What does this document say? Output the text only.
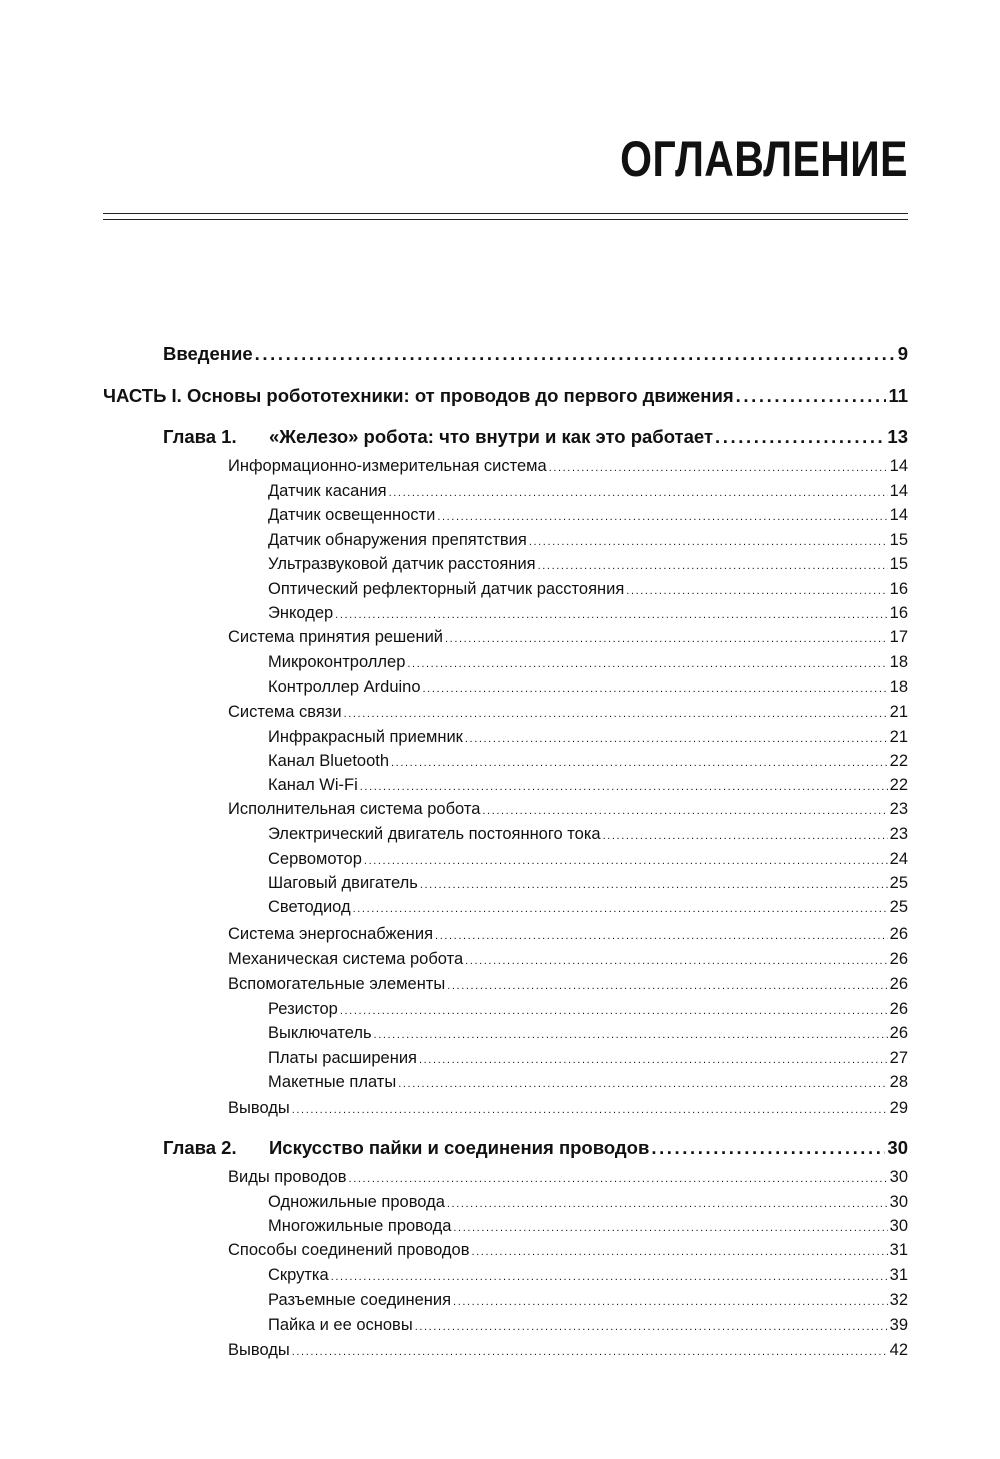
ОГЛАВЛЕНИЕ
Введение .....	9
ЧАСТЬ I. Основы робототехники: от проводов до первого движения .....	11
Глава 1. «Железо» робота: что внутри и как это работает .....	13
Информационно-измерительная система .....	14
Датчик касания .....	14
Датчик освещенности .....	14
Датчик обнаружения препятствия .....	15
Ультразвуковой датчик расстояния .....	15
Оптический рефлекторный датчик расстояния .....	16
Энкодер .....	16
Система принятия решений .....	17
Микроконтроллер .....	18
Контроллер Arduino .....	18
Система связи .....	21
Инфракрасный приемник .....	21
Канал Bluetooth .....	22
Канал Wi-Fi .....	22
Исполнительная система робота .....	23
Электрический двигатель постоянного тока .....	23
Сервомотор .....	24
Шаговый двигатель .....	25
Светодиод .....	25
Система энергоснабжения .....	26
Механическая система робота .....	26
Вспомогательные элементы .....	26
Резистор .....	26
Выключатель .....	26
Платы расширения .....	27
Макетные платы .....	28
Выводы .....	29
Глава 2. Искусство пайки и соединения проводов .....	30
Виды проводов .....	30
Одножильные провода .....	30
Многожильные провода .....	30
Способы соединений проводов .....	31
Скрутка .....	31
Разъемные соединения .....	32
Пайка и ее основы .....	39
Выводы .....	42
